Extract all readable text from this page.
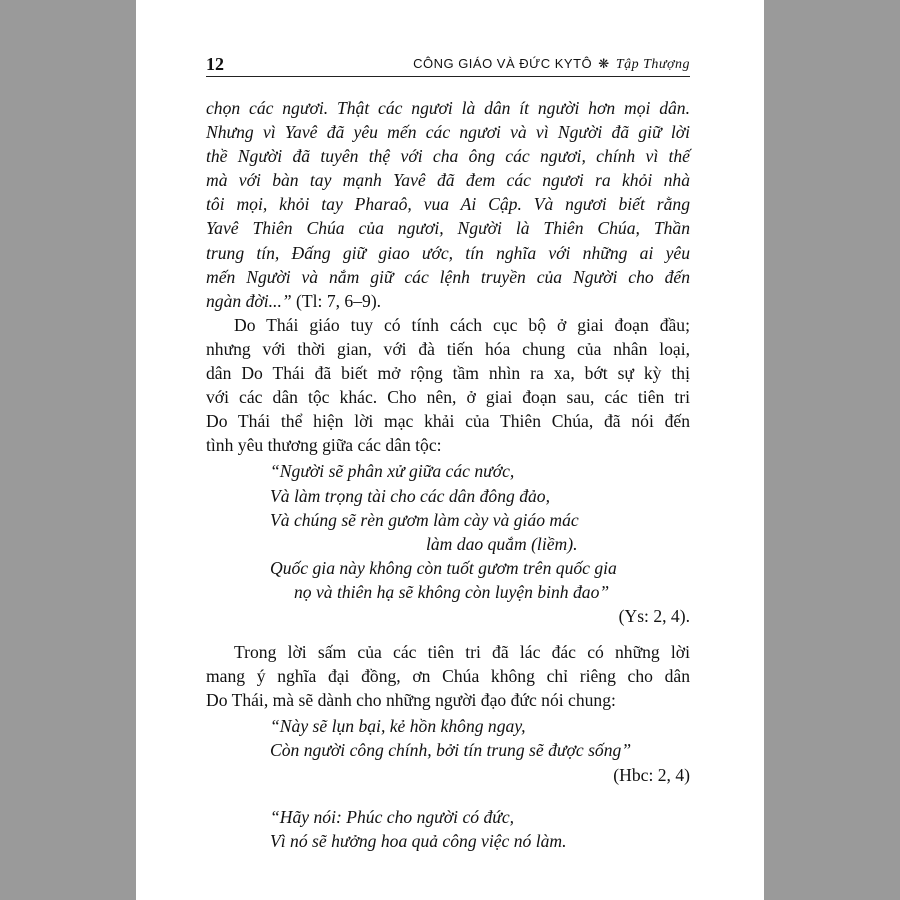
12	CÔNG GIÁO VÀ ĐỨC KYTÔ ❋ Tập Thượng
chọn các ngươi. Thật các ngươi là dân ít người hơn mọi dân.
Nhưng vì Yavê đã yêu mến các ngươi và vì Người đã giữ lời
thề Người đã tuyên thệ với cha ông các ngươi, chính vì thế
mà với bàn tay mạnh Yavê đã đem các ngươi ra khỏi nhà
tôi mọi, khỏi tay Pharaô, vua Ai Cập. Và ngươi biết rằng
Yavê Thiên Chúa của ngươi, Người là Thiên Chúa, Thần
trung tín, Đấng giữ giao ước, tín nghĩa với những ai yêu
mến Người và nắm giữ các lệnh truyền của Người cho đến
ngàn đời...” (Tl: 7, 6–9).
Do Thái giáo tuy có tính cách cục bộ ở giai đoạn đầu;
nhưng với thời gian, với đà tiến hóa chung của nhân loại,
dân Do Thái đã biết mở rộng tầm nhìn ra xa, bớt sự kỳ thị
với các dân tộc khác. Cho nên, ở giai đoạn sau, các tiên tri
Do Thái thể hiện lời mạc khải của Thiên Chúa, đã nói đến
tình yêu thương giữa các dân tộc:
“Người sẽ phân xử giữa các nước,
Và làm trọng tài cho các dân đông đảo,
Và chúng sẽ rèn gươm làm cày và giáo mác
làm dao quắm (liềm).
Quốc gia này không còn tuốt gươm trên quốc gia
nọ và thiên hạ sẽ không còn luyện binh đao”
(Ys: 2, 4).
Trong lời sấm của các tiên tri đã lác đác có những lời
mang ý nghĩa đại đồng, ơn Chúa không chỉ riêng cho dân
Do Thái, mà sẽ dành cho những người đạo đức nói chung:
“Này sẽ lụn bại, kẻ hồn không ngay,
Còn người công chính, bởi tín trung sẽ được sống”
(Hbc: 2, 4)
“Hãy nói: Phúc cho người có đức,
Vì nó sẽ hưởng hoa quả công việc nó làm.
